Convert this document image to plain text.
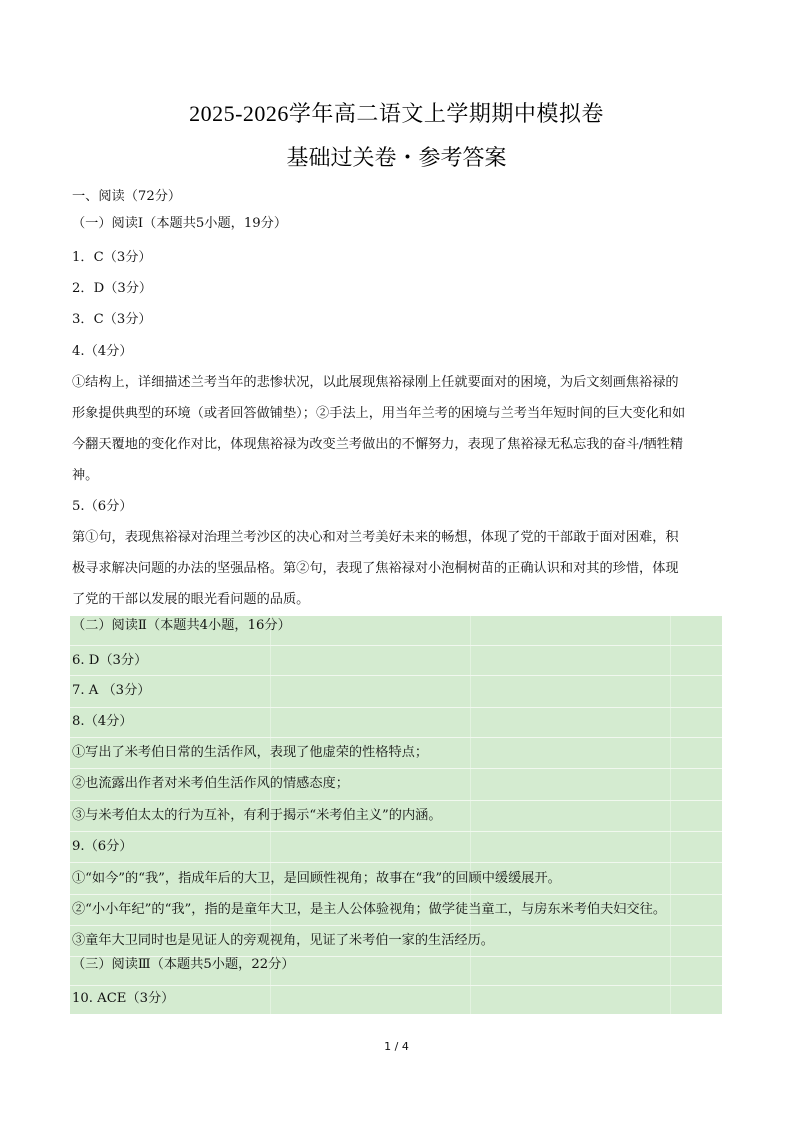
2025-2026学年高二语文上学期期中模拟卷
基础过关卷・参考答案
一、阅读（72分）
（一）阅读Ⅰ（本题共5小题，19分）
1．C（3分）
2．D（3分）
3．C（3分）
4.（4分）
①结构上，详细描述兰考当年的悲惨状况，以此展现焦裕禄刚上任就要面对的困境，为后文刻画焦裕禄的
形象提供典型的环境（或者回答做铺垫）；②手法上，用当年兰考的困境与兰考当年短时间的巨大变化和如
今翻天覆地的变化作对比，体现焦裕禄为改变兰考做出的不懈努力，表现了焦裕禄无私忘我的奋斗/牺牲精
神。
5.（6分）
第①句，表现焦裕禄对治理兰考沙区的决心和对兰考美好未来的畅想，体现了党的干部敢于面对困难，积
极寻求解决问题的办法的坚强品格。第②句，表现了焦裕禄对小泡桐树苗的正确认识和对其的珍惜，体现
了党的干部以发展的眼光看问题的品质。
（二）阅读Ⅱ（本题共4小题，16分）
6. D（3分）
7. A （3分）
8.（4分）
①写出了米考伯日常的生活作风，表现了他虚荣的性格特点；
②也流露出作者对米考伯生活作风的情感态度；
③与米考伯太太的行为互补，有利于揭示“米考伯主义”的内涵。
9.（6分）
①“如今”的“我”，指成年后的大卫，是回顾性视角；故事在“我”的回顾中缓缓展开。
②“小小年纪”的“我”，指的是童年大卫，是主人公体验视角；做学徒当童工，与房东米考伯夫妇交往。
③童年大卫同时也是见证人的旁观视角，见证了米考伯一家的生活经历。
（三）阅读Ⅲ（本题共5小题，22分）
10. ACE（3分）
1 / 4
